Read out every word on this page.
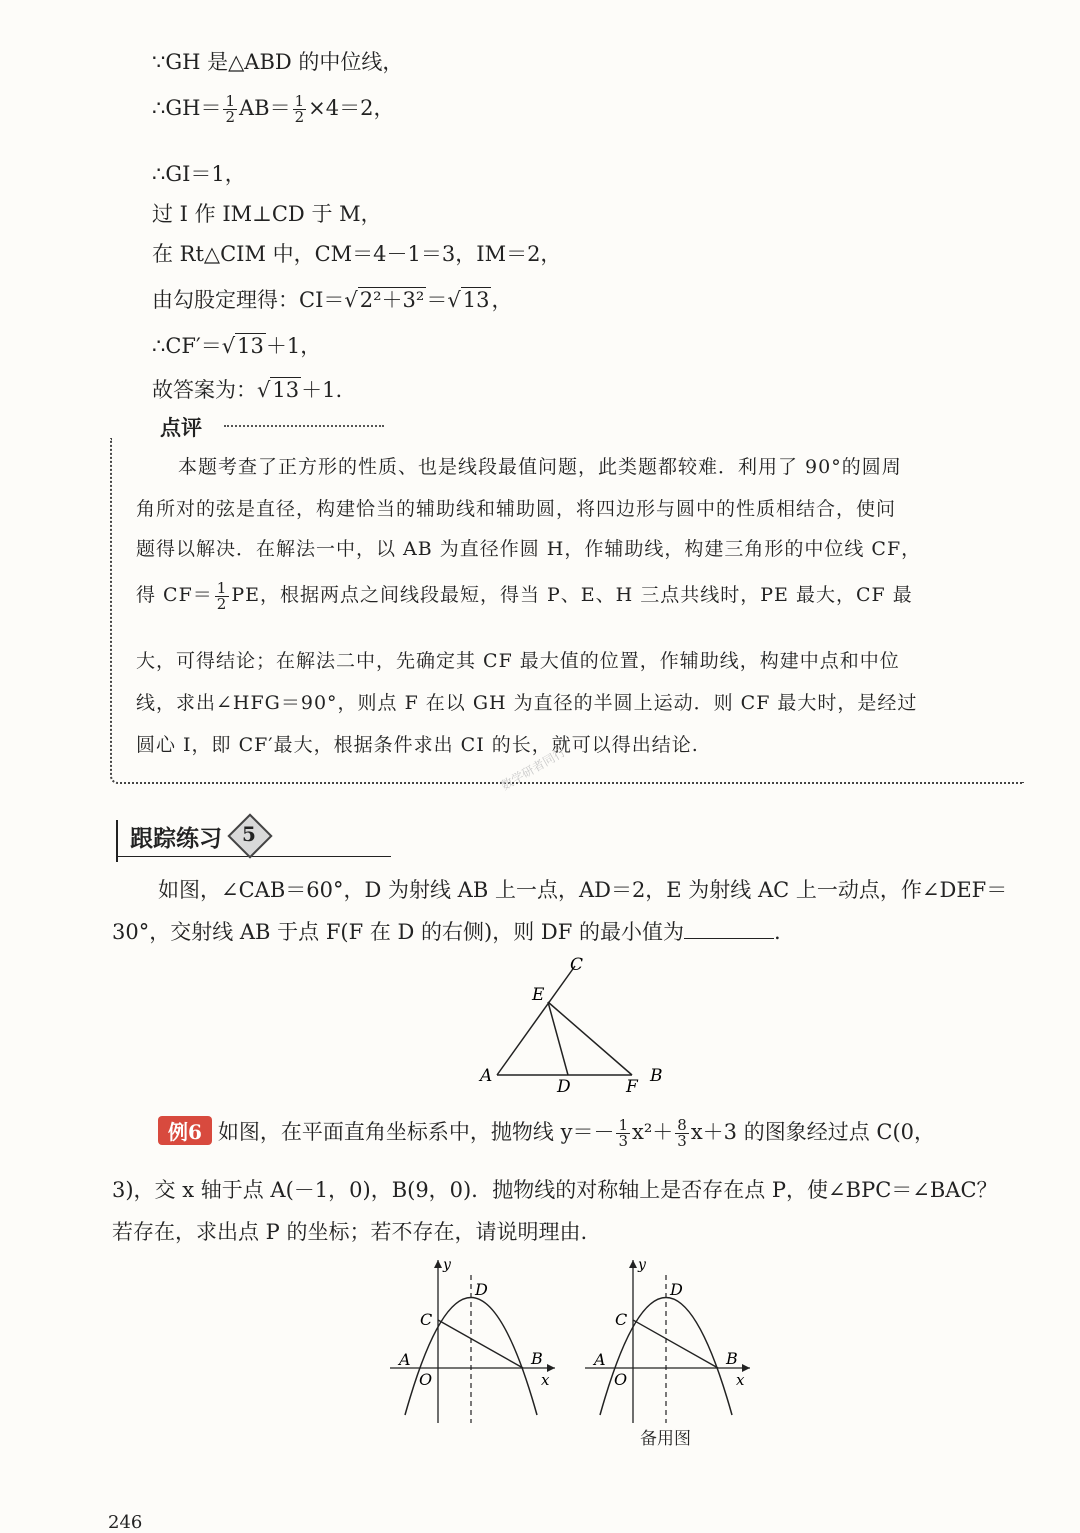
∵GH 是△ABD 的中位线，
∴GH＝ $\frac{1}{2} AB= \frac{1}{2} \times 4=2$，
∴GI＝1，
过 I 作 IM⊥CD 于 M，
在 Rt△CIM 中，CM＝4－1＝3，IM＝2，
由勾股定理得：CI＝√2²＋3²＝√13，
∴CF′＝√13＋1，
故答案为：√13＋1.
点评
本题考查了正方形的性质、也是线段最值问题，此类题都较难．利用了 90°的圆周
角所对的弦是直径，构建恰当的辅助线和辅助圆，将四边形与圆中的性质相结合，使问
题得以解决．在解法一中，以 AB 为直径作圆 H，作辅助线，构建三角形的中位线 CF，
得 $CF= \frac{1}{2}$ PE，根据两点之间线段最短，得当 P、E、H 三点共线时，PE 最大，CF 最
大，可得结论；在解法二中，先确定其 CF 最大值的位置，作辅助线，构建中点和中位
线，求出∠HFG＝90°，则点 F 在以 GH 为直径的半圆上运动．则 CF 最大时，是经过
圆心 I，即 CF′最大，根据条件求出 CI 的长，就可以得出结论.
数学研者同行
跟踪练习 5
如图，∠CAB＝60°，D 为射线 AB 上一点，AD＝2，E 为射线 AC 上一动点，作∠DEF＝
30°，交射线 AB 于点 F(F 在 D 的右侧)，则 DF 的最小值为	.
C
E
A
D	F
B
例6 如图，在平面直角坐标系中，抛物线 $y=- \frac{1}{3} x^2+ \frac{8}{3} x+3$ 的图象经过点 C(0，
3)，交 x 轴于点 A(－1，0)，B(9，0)．抛物线的对称轴上是否存在点 P，使∠BPC＝∠BAC？
若存在，求出点 P 的坐标；若不存在，请说明理由.
y
D
C
A
O
B
x
y
D
C
A
O
B
x
备用图
246
